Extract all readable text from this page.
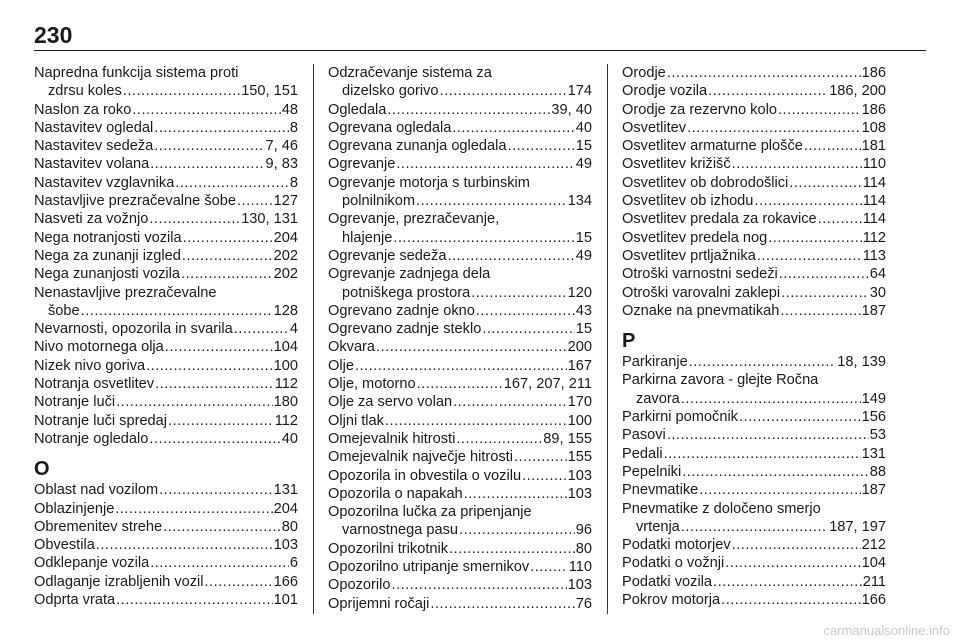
230
Napredna funkcija sistema proti
zdrsu koles .....	150, 151
Naslon za roko .....	48
Nastavitev ogledal .....	8
Nastavitev sedeža .....	7, 46
Nastavitev volana .....	9, 83
Nastavitev vzglavnika .....	8
Nastavljive prezračevalne šobe .....	127
Nasveti za vožnjo .....	130, 131
Nega notranjosti vozila .....	204
Nega za zunanji izgled .....	202
Nega zunanjosti vozila .....	202
Nenastavljive prezračevalne
šobe .....	128
Nevarnosti, opozorila in svarila .....	4
Nivo motornega olja .....	104
Nizek nivo goriva .....	100
Notranja osvetlitev .....	112
Notranje luči .....	180
Notranje luči spredaj .....	112
Notranje ogledalo .....	40
O
Oblast nad vozilom .....	131
Oblazinjenje .....	204
Obremenitev strehe .....	80
Obvestila .....	103
Odklepanje vozila .....	6
Odlaganje izrabljenih vozil .....	166
Odprta vrata .....	101
Odzračevanje sistema za
dizelsko gorivo .....	174
Ogledala .....	39, 40
Ogrevana ogledala .....	40
Ogrevana zunanja ogledala .....	15
Ogrevanje .....	49
Ogrevanje motorja s turbinskim
polnilnikom .....	134
Ogrevanje, prezračevanje,
hlajenje .....	15
Ogrevanje sedeža .....	49
Ogrevanje zadnjega dela
potniškega prostora .....	120
Ogrevano zadnje okno .....	43
Ogrevano zadnje steklo .....	15
Okvara .....	200
Olje .....	167
Olje, motorno .....	167, 207, 211
Olje za servo volan .....	170
Oljni tlak .....	100
Omejevalnik hitrosti .....	89, 155
Omejevalnik največje hitrosti .....	155
Opozorila in obvestila o vozilu .....	103
Opozorila o napakah .....	103
Opozorilna lučka za pripenjanje
varnostnega pasu .....	96
Opozorilni trikotnik .....	80
Opozorilno utripanje smernikov .....	110
Opozorilo .....	103
Oprijemni ročaji .....	76
Orodje .....	186
Orodje vozila .....	186, 200
Orodje za rezervno kolo .....	186
Osvetlitev .....	108
Osvetlitev armaturne plošče .....	181
Osvetlitev križišč .....	110
Osvetlitev ob dobrodošlici .....	114
Osvetlitev ob izhodu .....	114
Osvetlitev predala za rokavice .....	114
Osvetlitev predela nog .....	112
Osvetlitev prtljažnika .....	113
Otroški varnostni sedeži .....	64
Otroški varovalni zaklepi .....	30
Oznake na pnevmatikah .....	187
P
Parkiranje .....	18, 139
Parkirna zavora - glejte Ročna
zavora .....	149
Parkirni pomočnik .....	156
Pasovi .....	53
Pedali .....	131
Pepelniki .....	88
Pnevmatike .....	187
Pnevmatike z določeno smerjo
vrtenja .....	187, 197
Podatki motorjev .....	212
Podatki o vožnji .....	104
Podatki vozila .....	211
Pokrov motorja .....	166
carmanualsonline.info
